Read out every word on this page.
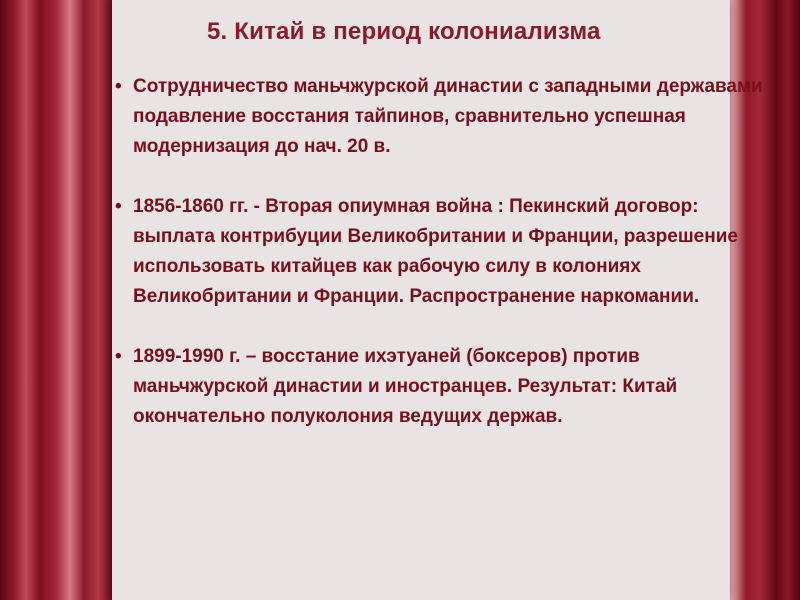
5. Китай в период колониализма

• Сотрудничество маньчжурской династии с западными державами подавление восстания тайпинов, сравнительно успешная модернизация до нач. 20 в.

• 1856-1860 гг. - Вторая опиумная война : Пекинский договор: выплата контрибуции Великобритании и Франции, разрешение использовать китайцев как рабочую силу в колониях Великобритании и Франции. Распространение наркомании.

• 1899-1990 г. – восстание ихэтуаней (боксеров) против маньчжурской династии и иностранцев. Результат: Китай окончательно полуколония ведущих держав.
